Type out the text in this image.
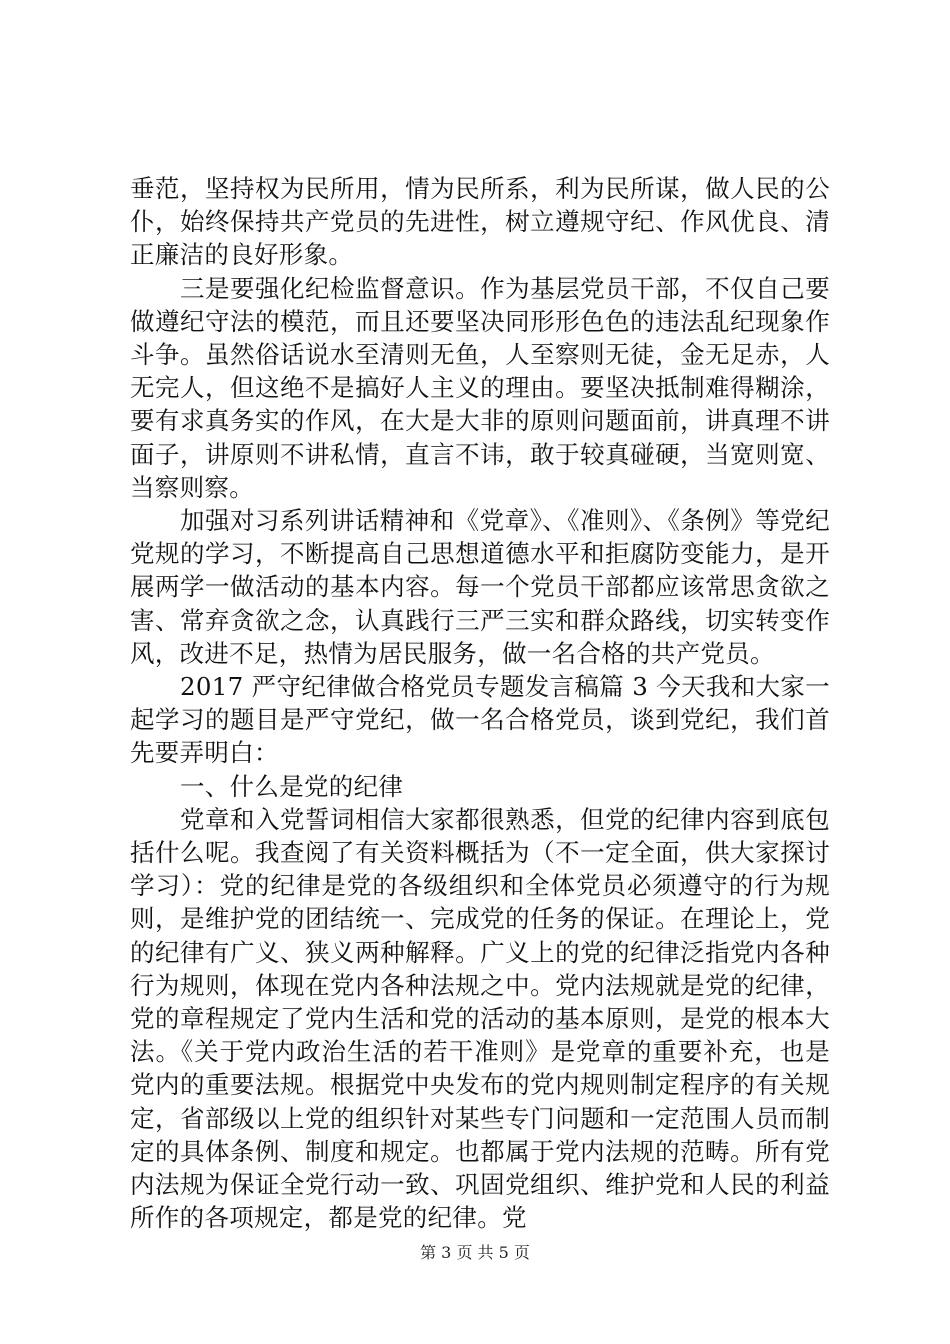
垂范，坚持权为民所用，情为民所系，利为民所谋，做人民的公仆，始终保持共产党员的先进性，树立遵规守纪、作风优良、清正廉洁的良好形象。

三是要强化纪检监督意识。作为基层党员干部，不仅自己要做遵纪守法的模范，而且还要坚决同形形色色的违法乱纪现象作斗争。虽然俗话说水至清则无鱼，人至察则无徒，金无足赤，人无完人，但这绝不是搞好人主义的理由。要坚决抵制难得糊涂，要有求真务实的作风，在大是大非的原则问题面前，讲真理不讲面子，讲原则不讲私情，直言不讳，敢于较真碰硬，当宽则宽、当察则察。

加强对习系列讲话精神和《党章》、《准则》、《条例》等党纪党规的学习，不断提高自己思想道德水平和拒腐防变能力，是开展两学一做活动的基本内容。每一个党员干部都应该常思贪欲之害、常弃贪欲之念，认真践行三严三实和群众路线，切实转变作风，改进不足，热情为居民服务，做一名合格的共产党员。

2017 严守纪律做合格党员专题发言稿篇 3 今天我和大家一起学习的题目是严守党纪，做一名合格党员，谈到党纪，我们首先要弄明白：

一、什么是党的纪律

党章和入党誓词相信大家都很熟悉，但党的纪律内容到底包括什么呢。我查阅了有关资料概括为（不一定全面，供大家探讨学习）：党的纪律是党的各级组织和全体党员必须遵守的行为规则，是维护党的团结统一、完成党的任务的保证。在理论上，党的纪律有广义、狭义两种解释。广义上的党的纪律泛指党内各种行为规则，体现在党内各种法规之中。党内法规就是党的纪律，党的章程规定了党内生活和党的活动的基本原则，是党的根本大法。《关于党内政治生活的若干准则》是党章的重要补充，也是党内的重要法规。根据党中央发布的党内规则制定程序的有关规定，省部级以上党的组织针对某些专门问题和一定范围人员而制定的具体条例、制度和规定。也都属于党内法规的范畴。所有党内法规为保证全党行动一致、巩固党组织、维护党和人民的利益所作的各项规定，都是党的纪律。党

第 3 页 共 5 页
